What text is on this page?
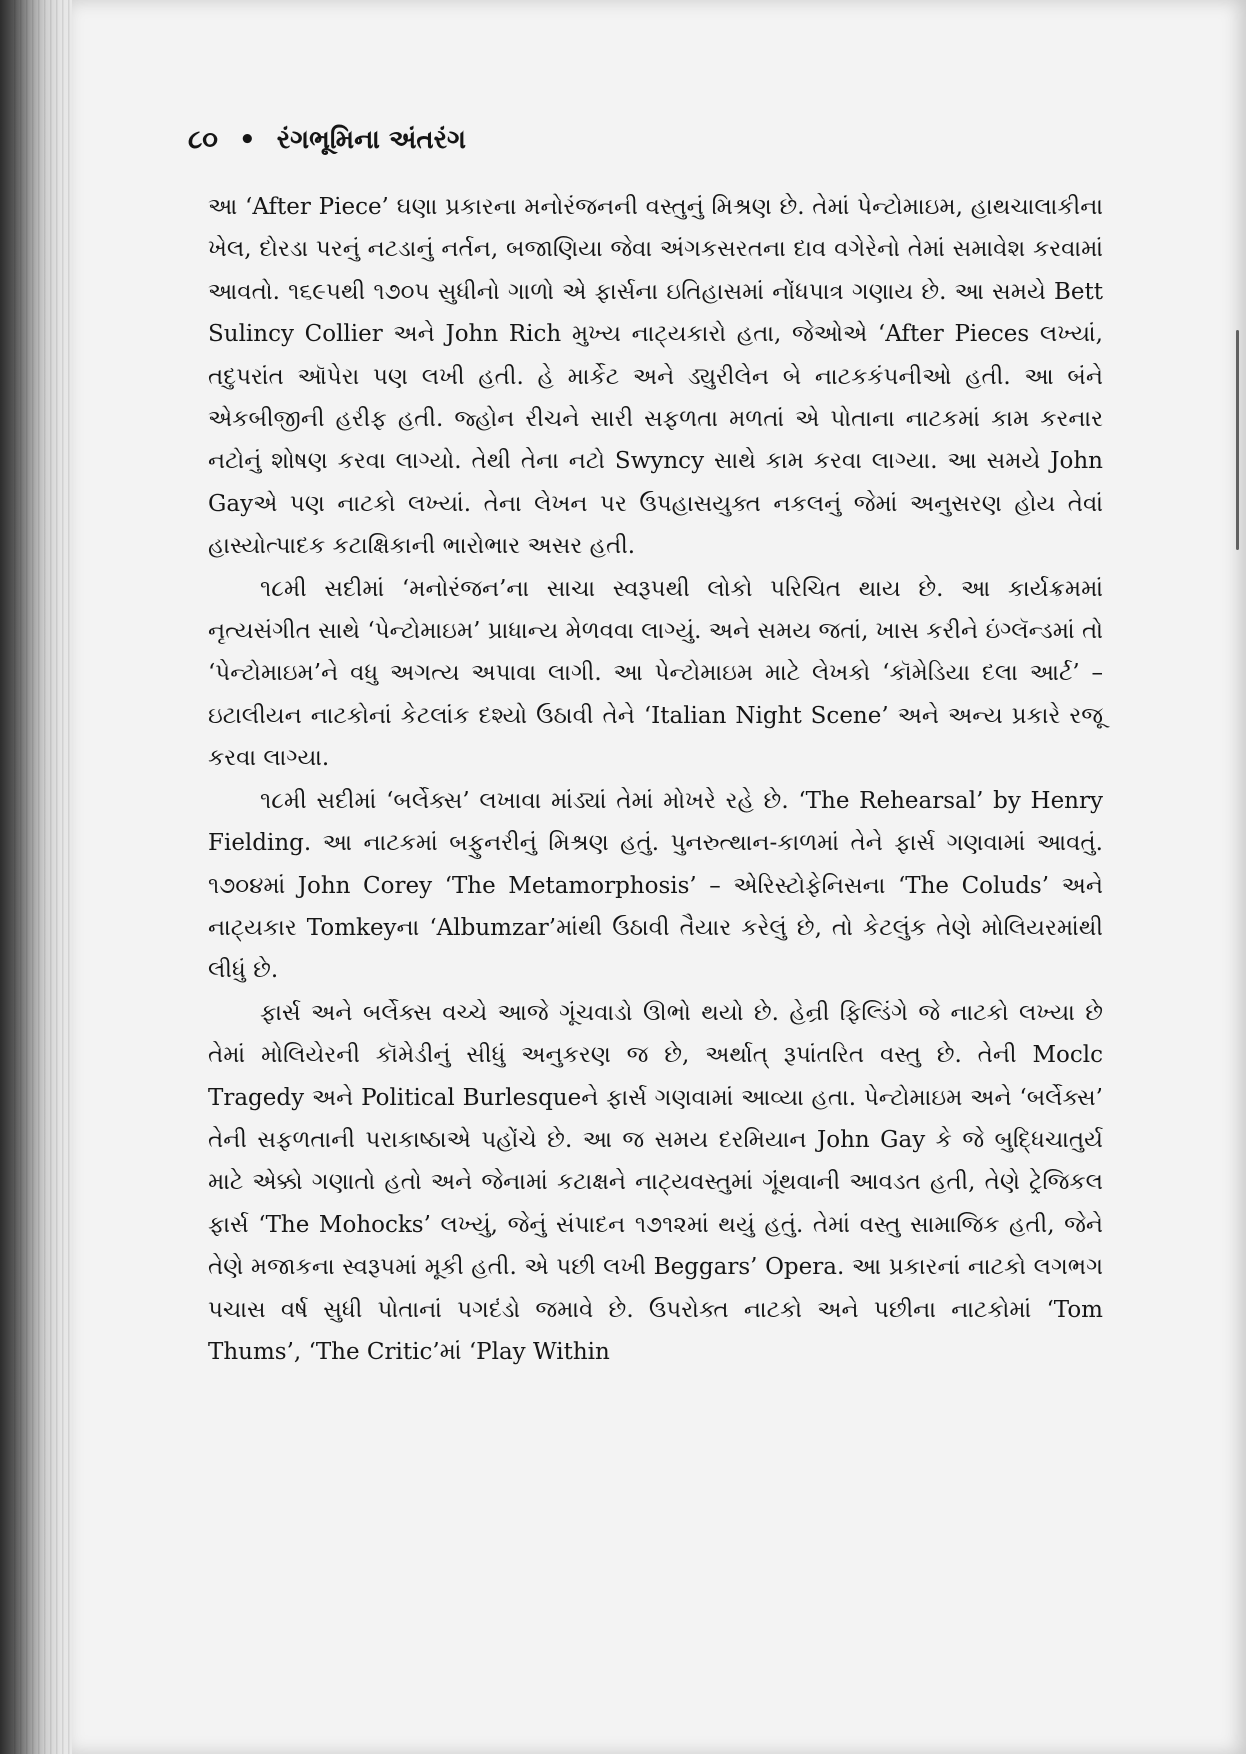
૮૦ • રંગભૂમિના અંતરંગ

આ ‘After Piece’ ઘણા પ્રકારના મનોરંજનની વસ્તુનું મિશ્રણ છે. તેમાં પેન્ટોમાઇમ, હાથચાલાકીના ખેલ, દોરડા પરનું નટડાનું નર્તન, બજાણિયા જેવા અંગકસરતના દાવ વગેરેનો તેમાં સમાવેશ કરવામાં આવતો. ૧૬૯૫થી ૧૭૦૫ સુધીનો ગાળો એ ફાર્સના ઇતિહાસમાં નોંધપાત્ર ગણાય છે. આ સમયે Bett Sulincy Collier અને John Rich મુખ્ય નાટ્યકારો હતા, જેઓએ ‘After Pieces લખ્યાં, તદુપરાંત ઑપેરા પણ લખી હતી. હે માર્કેટ અને ડ્યુરીલેન બે નાટકકંપનીઓ હતી. આ બંને એકબીજીની હરીફ હતી. જ્હોન રીચને સારી સફળતા મળતાં એ પોતાના નાટકમાં કામ કરનાર નટોનું શોષણ કરવા લાગ્યો. તેથી તેના નટો Swyncy સાથે કામ કરવા લાગ્યા. આ સમયે John Gayએ પણ નાટકો લખ્યાં. તેના લેખન પર ઉપહાસયુક્ત નકલનું જેમાં અનુસરણ હોય તેવાં હાસ્યોત્પાદક કટાક્ષિકાની ભારોભાર અસર હતી.

૧૮મી સદીમાં ‘મનોરંજન’ના સાચા સ્વરૂપથી લોકો પરિચિત થાય છે. આ કાર્યક્રમમાં નૃત્યસંગીત સાથે ‘પેન્ટોમાઇમ’ પ્રાધાન્ય મેળવવા લાગ્યું. અને સમય જતાં, ખાસ કરીને ઇંગ્લૅન્ડમાં તો ‘પેન્ટોમાઇમ’ને વધુ અગત્ય અપાવા લાગી. આ પેન્ટોમાઇમ માટે લેખકો ‘કૉમેડિયા દલા આર્ટ’ – ઇટાલીયન નાટકોનાં કેટલાંક દશ્યો ઉઠાવી તેને ‘Italian Night Scene’ અને અન્ય પ્રકારે રજૂ કરવા લાગ્યા.

૧૮મી સદીમાં ‘બર્લેક્સ’ લખાવા માંડ્યાં તેમાં મોખરે રહે છે. ‘The Rehearsal’ by Henry Fielding. આ નાટકમાં બફુનરીનું મિશ્રણ હતું. પુનરુત્થાન-કાળમાં તેને ફાર્સ ગણવામાં આવતું. ૧૭૦૪માં John Corey ‘The Metamorphosis’ – એરિસ્ટોફેનિસના ‘The Coluds’ અને નાટ્યકાર Tomkeyના ‘Albumzar’માંથી ઉઠાવી તૈયાર કરેલું છે, તો કેટલુંક તેણે મોલિયરમાંથી લીધું છે.

ફાર્સ અને બર્લેક્સ વચ્ચે આજે ગૂંચવાડો ઊભો થયો છે. હેન્રી ફિલ્ડિંગે જે નાટકો લખ્યા છે તેમાં મોલિયેરની કૉમેડીનું સીધું અનુકરણ જ છે, અર્થાત્ રૂપાંતરિત વસ્તુ છે. તેની Moclc Tragedy અને Political Burlesqueને ફાર્સ ગણવામાં આવ્યા હતા. પેન્ટોમાઇમ અને ‘બર્લેક્સ’ તેની સફળતાની પરાકાષ્ઠાએ પહોંચે છે. આ જ સમય દરમિયાન John Gay કે જે બુદ્ધિચાતુર્ય માટે એક્કો ગણાતો હતો અને જેનામાં કટાક્ષને નાટ્યવસ્તુમાં ગૂંથવાની આવડત હતી, તેણે ટ્રેજિકલ ફાર્સ ‘The Mohocks’ લખ્યું, જેનું સંપાદન ૧૭૧૨માં થયું હતું. તેમાં વસ્તુ સામાજિક હતી, જેને તેણે મજાકના સ્વરૂપમાં મૂકી હતી. એ પછી લખી Beggars’ Opera. આ પ્રકારનાં નાટકો લગભગ પચાસ વર્ષ સુધી પોતાનાં પગદંડો જમાવે છે. ઉપરોક્ત નાટકો અને પછીના નાટકોમાં ‘Tom Thums’, ‘The Critic’માં ‘Play Within
